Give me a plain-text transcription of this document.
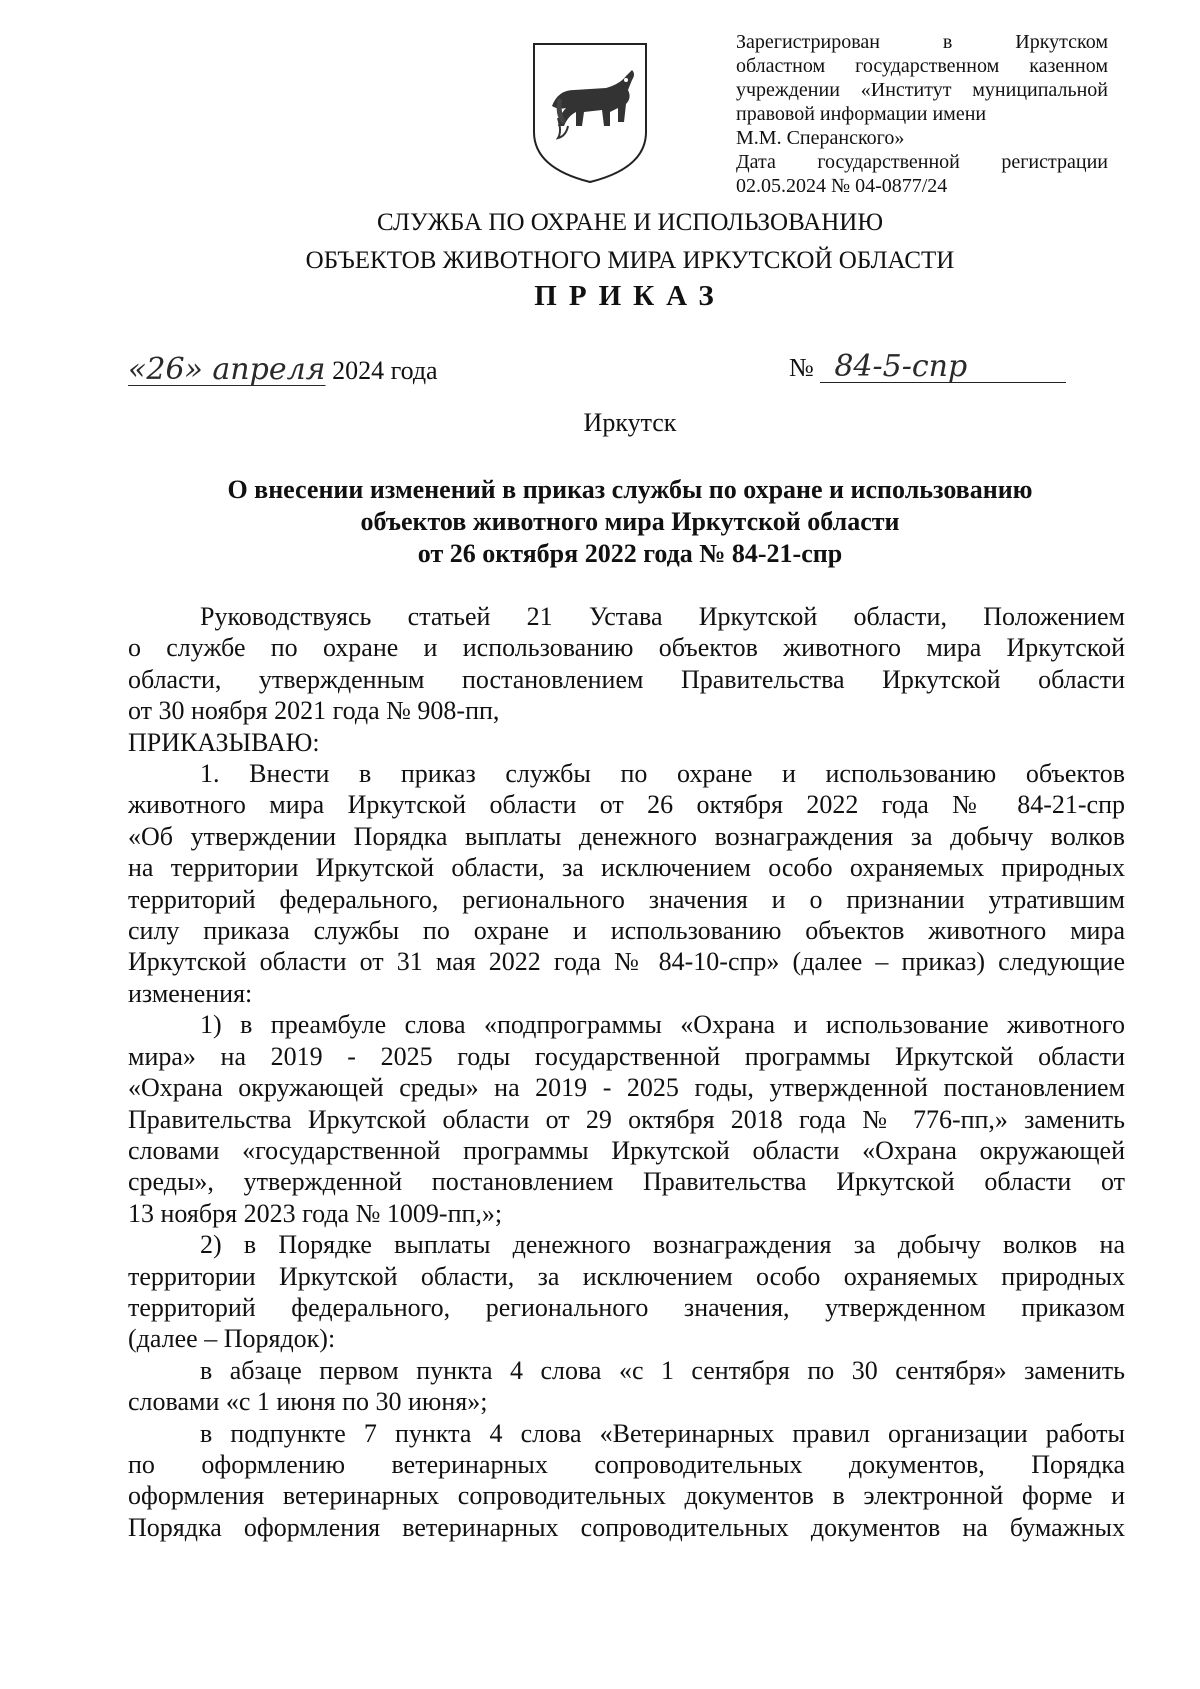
Зарегистрирован в Иркутском
областном государственном казенном
учреждении «Институт муниципальной
правовой информации имени
М.М. Сперанского»
Дата государственной регистрации
02.05.2024 № 04-0877/24
СЛУЖБА ПО ОХРАНЕ И ИСПОЛЬЗОВАНИЮ
ОБЪЕКТОВ ЖИВОТНОГО МИРА ИРКУТСКОЙ ОБЛАСТИ
ПРИКАЗ
«26» апреля 2024 года	№ 84-5-спр
Иркутск
О внесении изменений в приказ службы по охране и использованию
объектов животного мира Иркутской области
от 26 октября 2022 года № 84-21-спр
Руководствуясь статьей 21 Устава Иркутской области, Положением
о службе по охране и использованию объектов животного мира Иркутской
области, утвержденным постановлением Правительства Иркутской области
от 30 ноября 2021 года № 908-пп,
ПРИКАЗЫВАЮ:
1. Внести в приказ службы по охране и использованию объектов
животного мира Иркутской области от 26 октября 2022 года № 84-21-спр
«Об утверждении Порядка выплаты денежного вознаграждения за добычу волков
на территории Иркутской области, за исключением особо охраняемых природных
территорий федерального, регионального значения и о признании утратившим
силу приказа службы по охране и использованию объектов животного мира
Иркутской области от 31 мая 2022 года № 84-10-спр» (далее – приказ) следующие
изменения:
1) в преамбуле слова «подпрограммы «Охрана и использование животного
мира» на 2019 - 2025 годы государственной программы Иркутской области
«Охрана окружающей среды» на 2019 - 2025 годы, утвержденной постановлением
Правительства Иркутской области от 29 октября 2018 года № 776-пп,» заменить
словами «государственной программы Иркутской области «Охрана окружающей
среды», утвержденной постановлением Правительства Иркутской области от
13 ноября 2023 года № 1009-пп,»;
2) в Порядке выплаты денежного вознаграждения за добычу волков на
территории Иркутской области, за исключением особо охраняемых природных
территорий федерального, регионального значения, утвержденном приказом
(далее – Порядок):
в абзаце первом пункта 4 слова «с 1 сентября по 30 сентября» заменить
словами «с 1 июня по 30 июня»;
в подпункте 7 пункта 4 слова «Ветеринарных правил организации работы
по оформлению ветеринарных сопроводительных документов, Порядка
оформления ветеринарных сопроводительных документов в электронной форме и
Порядка оформления ветеринарных сопроводительных документов на бумажных
